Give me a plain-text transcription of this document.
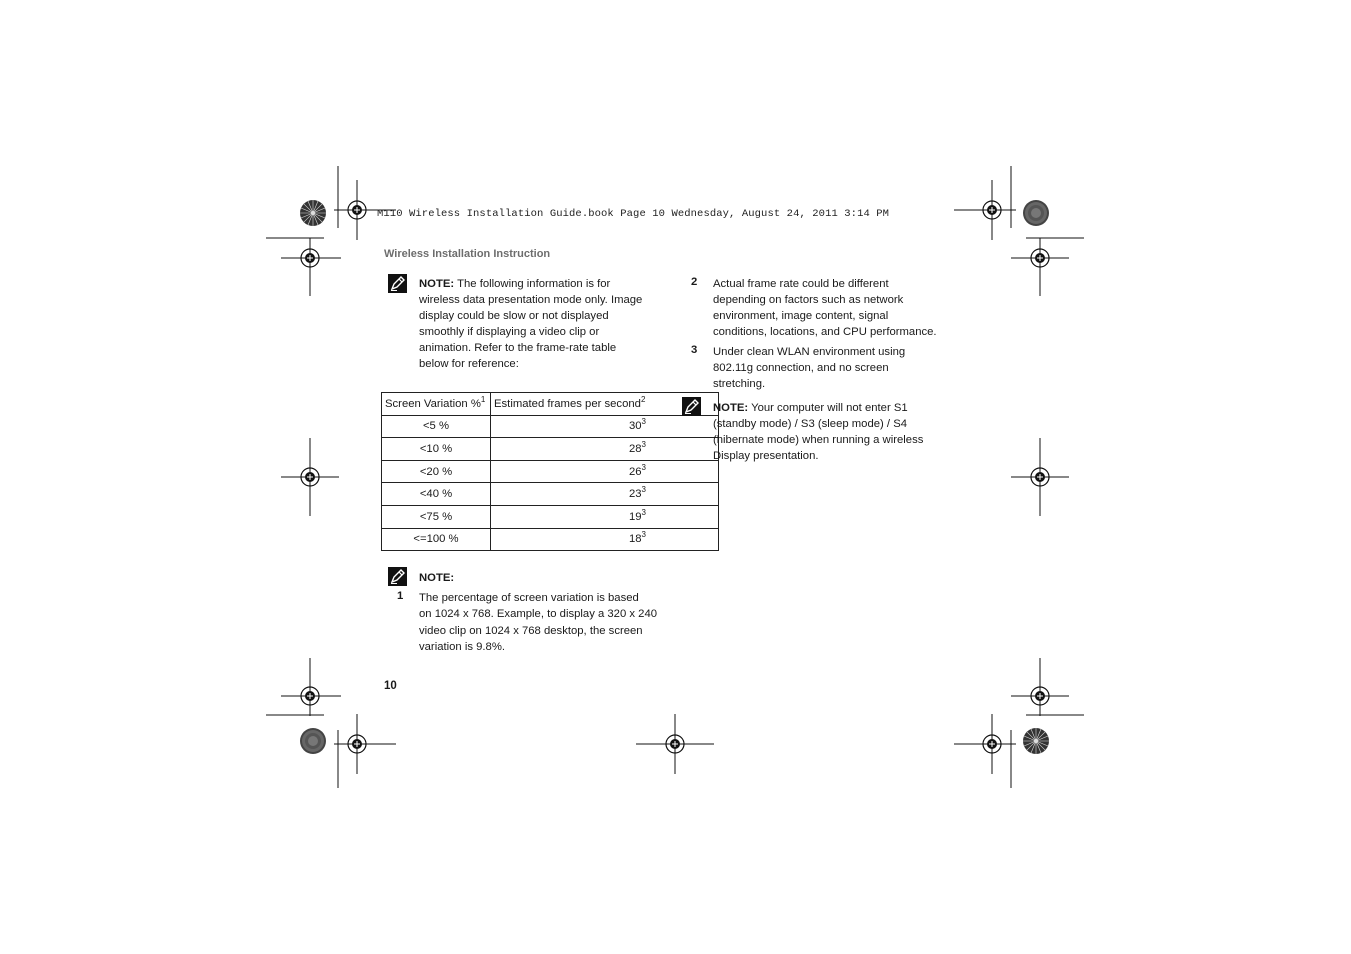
M110 Wireless Installation Guide.book Page 10 Wednesday, August 24, 2011 3:14 PM
Wireless Installation Instruction
NOTE: The following information is for
wireless data presentation mode only. Image
display could be slow or not displayed
smoothly if displaying a video clip or
animation. Refer to the frame-rate table
below for reference:
Screen Variation %$^1$	Estimated frames per second$^2$
<5 %	$30^3$
<10 %	$28^3$
<20 %	$26^3$
<40 %	$23^3$
<75 %	$19^3$
<=100 %	$18^3$
NOTE:
1 The percentage of screen variation is based
on 1024 x 768. Example, to display a 320 x 240
video clip on 1024 x 768 desktop, the screen
variation is 9.8%.
2 Actual frame rate could be different
depending on factors such as network
environment, image content, signal
conditions, locations, and CPU performance.
3 Under clean WLAN environment using
802.11g connection, and no screen
stretching.
NOTE: Your computer will not enter S1
(standby mode) / S3 (sleep mode) / S4
(hibernate mode) when running a wireless
Display presentation.
10
